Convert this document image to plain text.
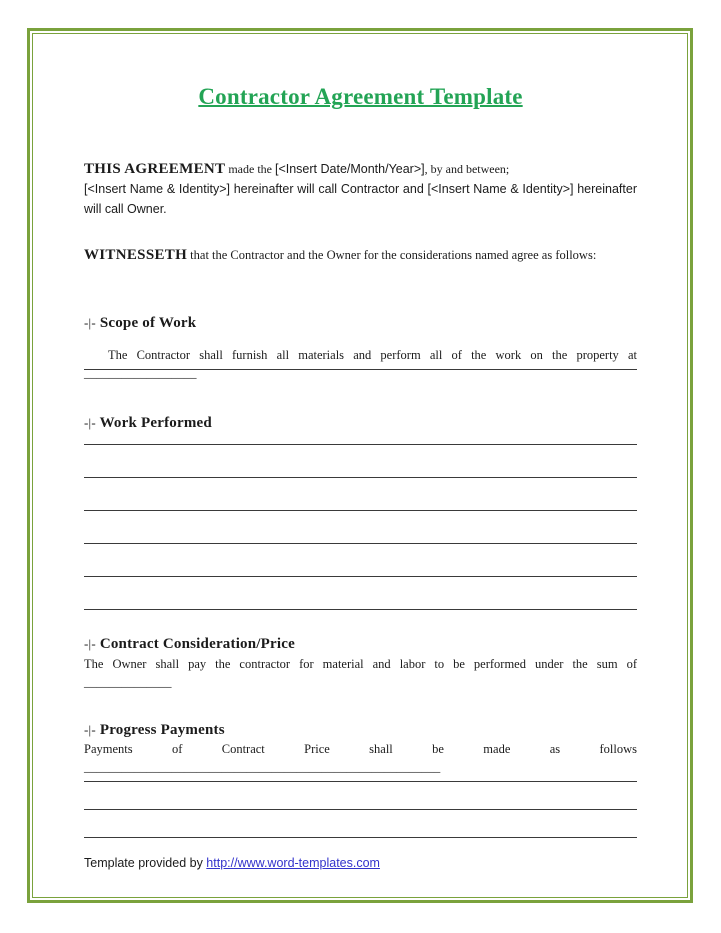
Contractor Agreement Template
THIS AGREEMENT made the [<Insert Date/Month/Year>], by and between;
[<Insert Name & Identity>] hereinafter will call Contractor and [<Insert Name & Identity>] hereinafter will call Owner.
WITNESSETH that the Contractor and the Owner for the considerations named agree as follows:
-|- Scope of Work
The Contractor shall furnish all materials and perform all of the work on the property at __________________
-|- Work Performed
-|- Contract Consideration/Price
The Owner shall pay the contractor for material and labor to be performed under the sum of ______________
-|- Progress Payments
Payments of Contract Price shall be made as follows _________________________________________________________
Template provided by http://www.word-templates.com
